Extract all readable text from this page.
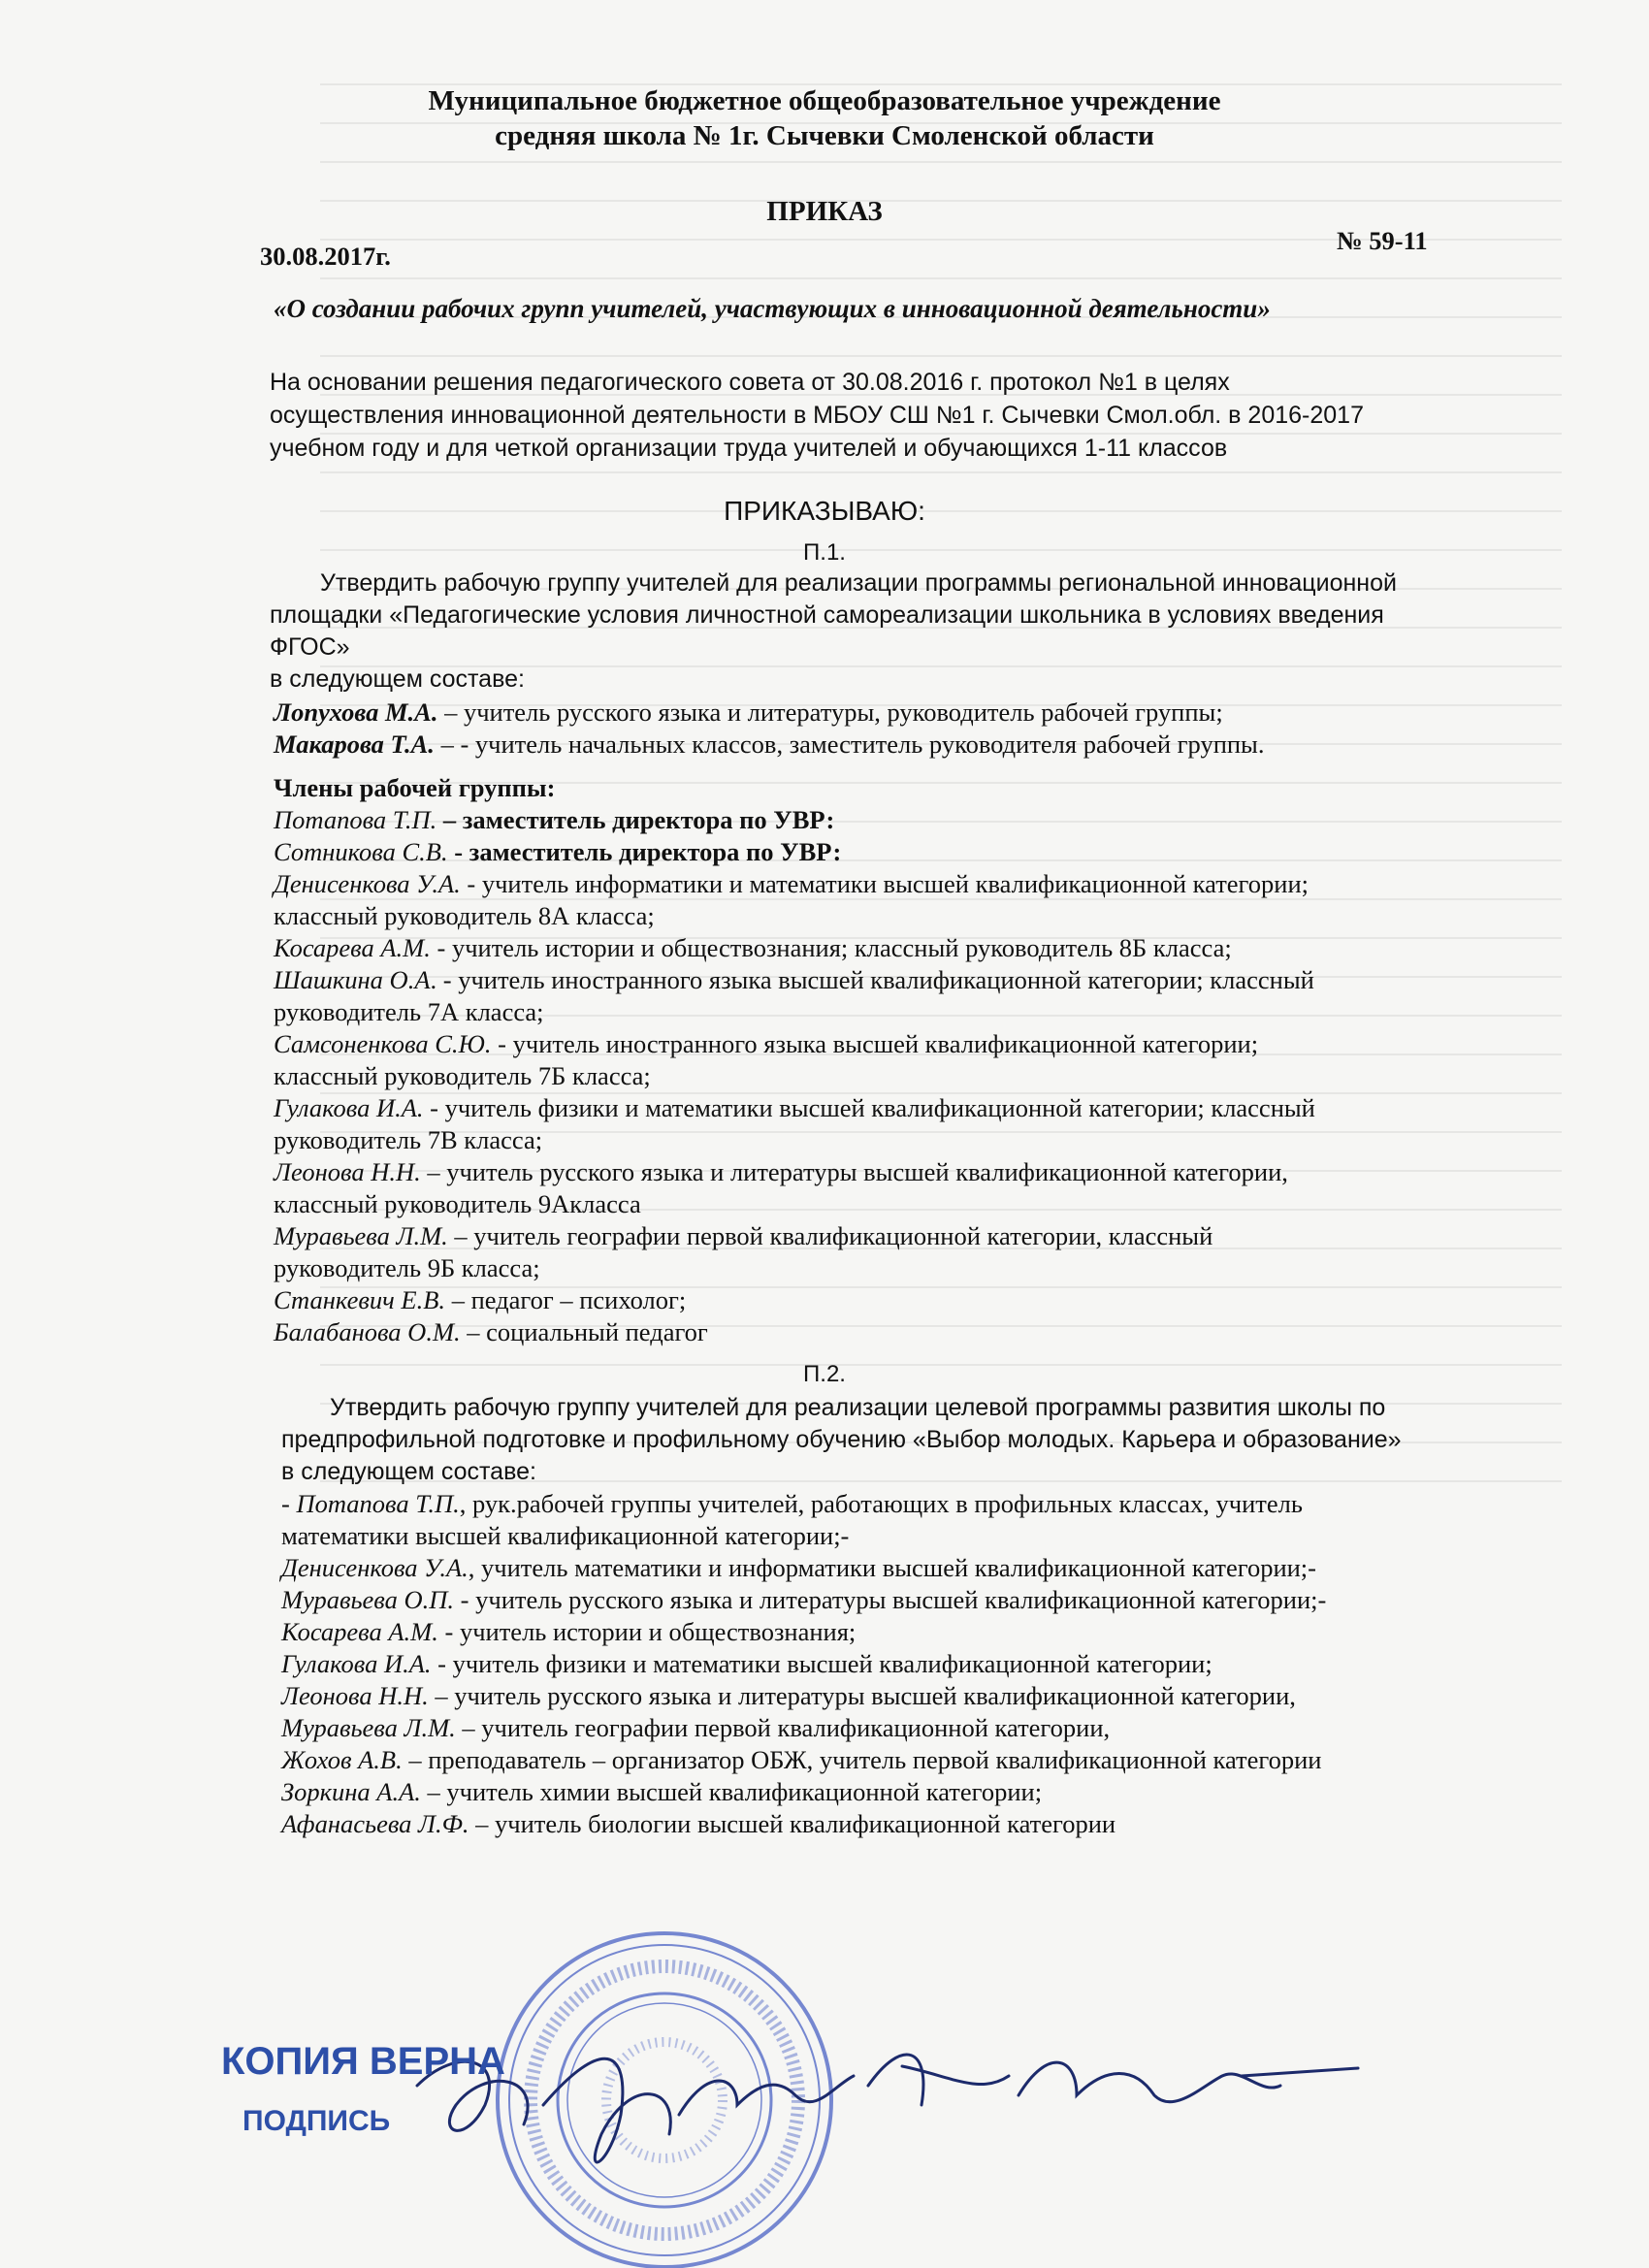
Муниципальное бюджетное общеобразовательное учреждение
средняя школа № 1г. Сычевки Смоленской области
ПРИКАЗ
30.08.2017г.
№ 59-11
«О создании рабочих групп учителей, участвующих в инновационной деятельности»
На основании решения педагогического совета от 30.08.2016 г. протокол №1 в целях
осуществления инновационной деятельности в МБОУ СШ №1 г. Сычевки Смол.обл. в 2016-2017
учебном году и для четкой организации труда учителей и обучающихся 1-11 классов
ПРИКАЗЫВАЮ:
П.1.
Утвердить рабочую группу учителей для реализации программы региональной инновационной
площадки «Педагогические условия личностной самореализации школьника в условиях введения
ФГОС»
в следующем составе:
Лопухова М.А. – учитель русского языка и литературы, руководитель рабочей группы;
Макарова Т.А. – - учитель начальных классов, заместитель руководителя рабочей группы.
Члены рабочей группы:
Потапова Т.П. – заместитель директора по УВР:
Сотникова С.В. - заместитель директора по УВР:
Денисенкова У.А. - учитель информатики и математики высшей квалификационной категории;
классный руководитель 8А класса;
Косарева А.М. - учитель истории и обществознания; классный руководитель 8Б класса;
Шашкина О.А. - учитель иностранного языка высшей квалификационной категории; классный
руководитель 7А класса;
Самсоненкова С.Ю. - учитель иностранного языка высшей квалификационной категории;
классный руководитель 7Б класса;
Гулакова И.А. - учитель физики и математики высшей квалификационной категории; классный
руководитель 7В класса;
Леонова Н.Н. – учитель русского языка и литературы высшей квалификационной категории,
классный руководитель 9Акласса
Муравьева Л.М. – учитель географии первой квалификационной категории, классный
руководитель 9Б класса;
Станкевич Е.В. – педагог – психолог;
Балабанова О.М. – социальный педагог
П.2.
Утвердить рабочую группу учителей для реализации целевой программы развития школы по
предпрофильной подготовке и профильному обучению «Выбор молодых. Карьера и образование»
в следующем составе:
- Потапова Т.П., рук.рабочей группы учителей, работающих в профильных классах, учитель
математики высшей квалификационной категории;-
Денисенкова У.А., учитель математики и информатики высшей квалификационной категории;-
Муравьева О.П. - учитель русского языка и литературы высшей квалификационной категории;-
Косарева А.М. - учитель истории и обществознания;
Гулакова И.А. - учитель физики и математики высшей квалификационной категории;
Леонова Н.Н. – учитель русского языка и литературы высшей квалификационной категории,
Муравьева Л.М. – учитель географии первой квалификационной категории,
Жохов А.В. – преподаватель – организатор ОБЖ, учитель первой квалификационной категории
Зоркина А.А. – учитель химии высшей квалификационной категории;
Афанасьева Л.Ф. – учитель биологии высшей квалификационной категории
КОПИЯ ВЕРНА
ПОДПИСЬ
